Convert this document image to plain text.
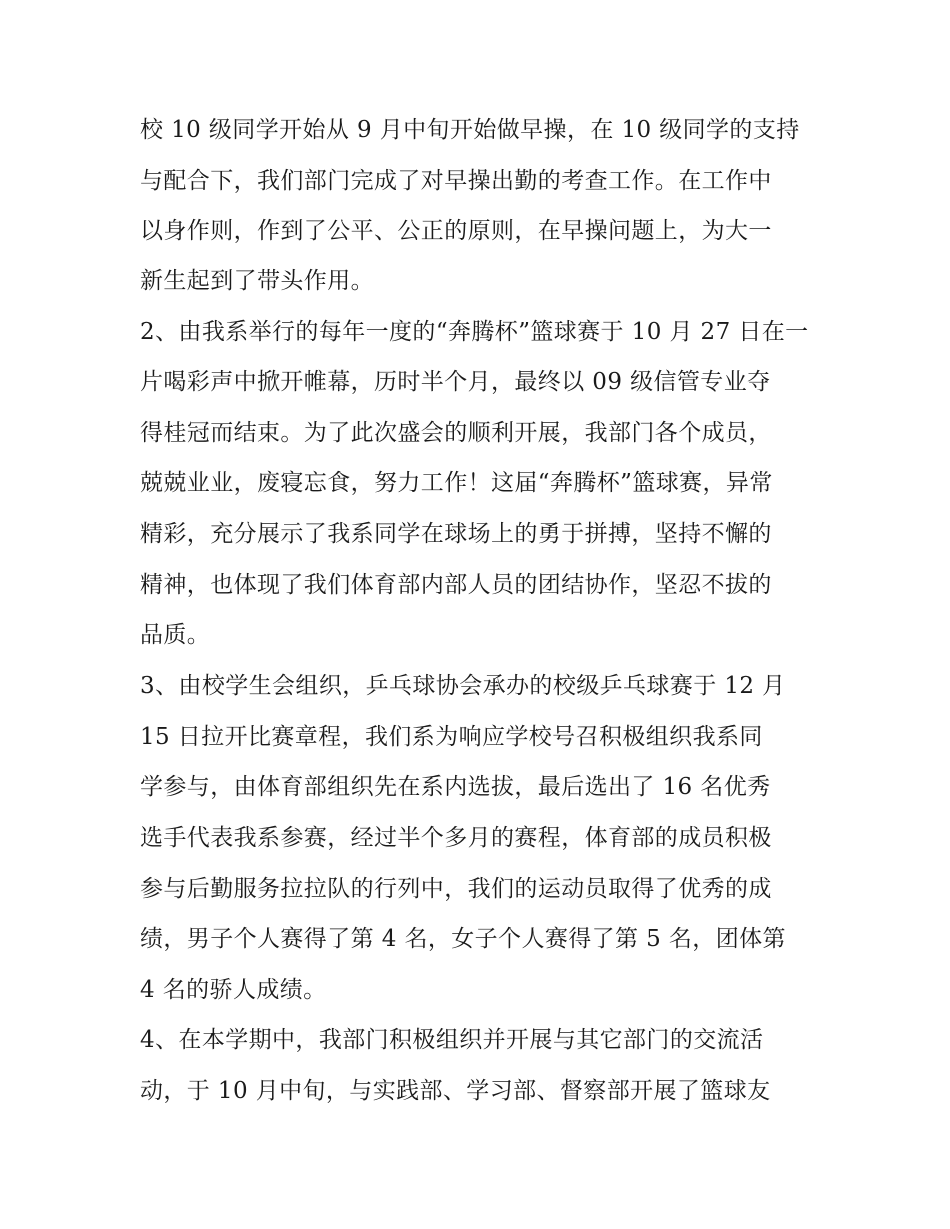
校 10 级同学开始从 9 月中旬开始做早操，在 10 级同学的支持
与配合下，我们部门完成了对早操出勤的考查工作。在工作中
以身作则，作到了公平、公正的原则，在早操问题上，为大一
新生起到了带头作用。
2、由我系举行的每年一度的“奔腾杯”篮球赛于 10 月 27 日在一
片喝彩声中掀开帷幕，历时半个月，最终以 09 级信管专业夺
得桂冠而结束。为了此次盛会的顺利开展，我部门各个成员，
兢兢业业，废寝忘食，努力工作！这届“奔腾杯”篮球赛，异常
精彩，充分展示了我系同学在球场上的勇于拼搏，坚持不懈的
精神，也体现了我们体育部内部人员的团结协作，坚忍不拔的
品质。
3、由校学生会组织，乒乓球协会承办的校级乒乓球赛于 12 月
15 日拉开比赛章程，我们系为响应学校号召积极组织我系同
学参与，由体育部组织先在系内选拔，最后选出了 16 名优秀
选手代表我系参赛，经过半个多月的赛程，体育部的成员积极
参与后勤服务拉拉队的行列中，我们的运动员取得了优秀的成
绩，男子个人赛得了第 4 名，女子个人赛得了第 5 名，团体第
4 名的骄人成绩。
4、在本学期中，我部门积极组织并开展与其它部门的交流活
动，于 10 月中旬，与实践部、学习部、督察部开展了篮球友
